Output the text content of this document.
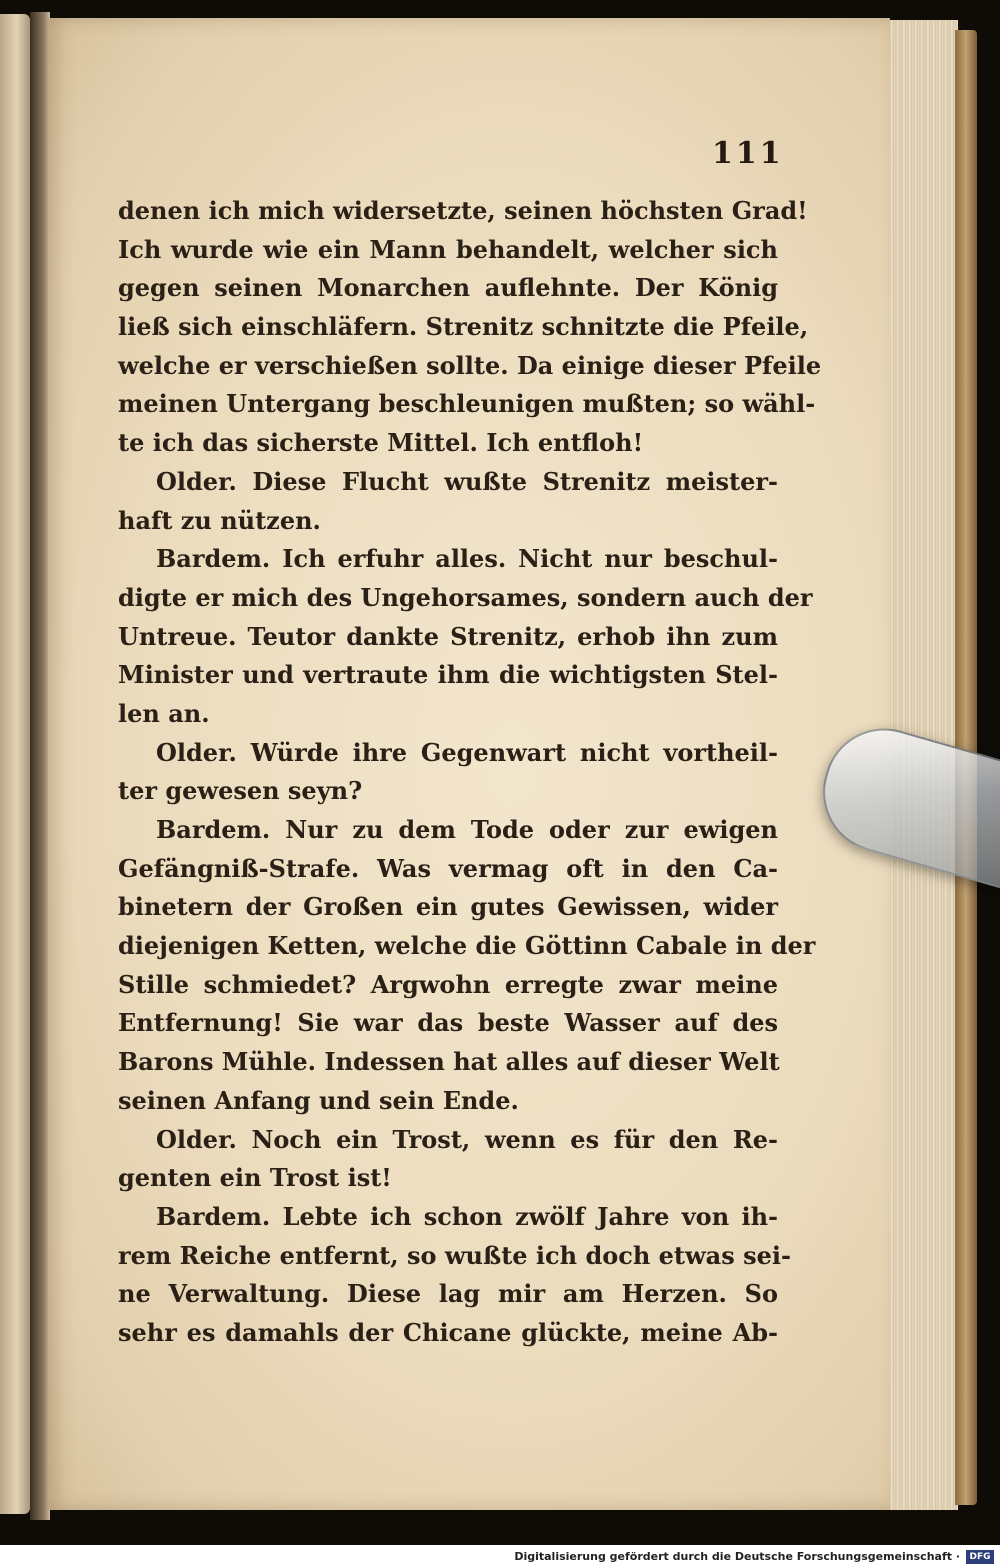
111
denen ich mich widersetzte, seinen höchsten Grad!
Ich wurde wie ein Mann behandelt, welcher sich
gegen seinen Monarchen auflehnte. Der König
ließ sich einschläfern. Strenitz schnitzte die Pfeile,
welche er verschießen sollte. Da einige dieser Pfeile
meinen Untergang beschleunigen mußten; so wähl-
te ich das sicherste Mittel. Ich entfloh!
Older. Diese Flucht wußte Strenitz meister-
haft zu nützen.
Bardem. Ich erfuhr alles. Nicht nur beschul-
digte er mich des Ungehorsames, sondern auch der
Untreue. Teutor dankte Strenitz, erhob ihn zum
Minister und vertraute ihm die wichtigsten Stel-
len an.
Older. Würde ihre Gegenwart nicht vortheil-
ter gewesen seyn?
Bardem. Nur zu dem Tode oder zur ewigen
Gefängniß-Strafe. Was vermag oft in den Ca-
binetern der Großen ein gutes Gewissen, wider
diejenigen Ketten, welche die Göttinn Cabale in der
Stille schmiedet? Argwohn erregte zwar meine
Entfernung! Sie war das beste Wasser auf des
Barons Mühle. Indessen hat alles auf dieser Welt
seinen Anfang und sein Ende.
Older. Noch ein Trost, wenn es für den Re-
genten ein Trost ist!
Bardem. Lebte ich schon zwölf Jahre von ih-
rem Reiche entfernt, so wußte ich doch etwas sei-
ne Verwaltung. Diese lag mir am Herzen. So
sehr es damahls der Chicane glückte, meine Ab-
Digitalisierung gefördert durch die Deutsche Forschungsgemeinschaft ·	DFG
